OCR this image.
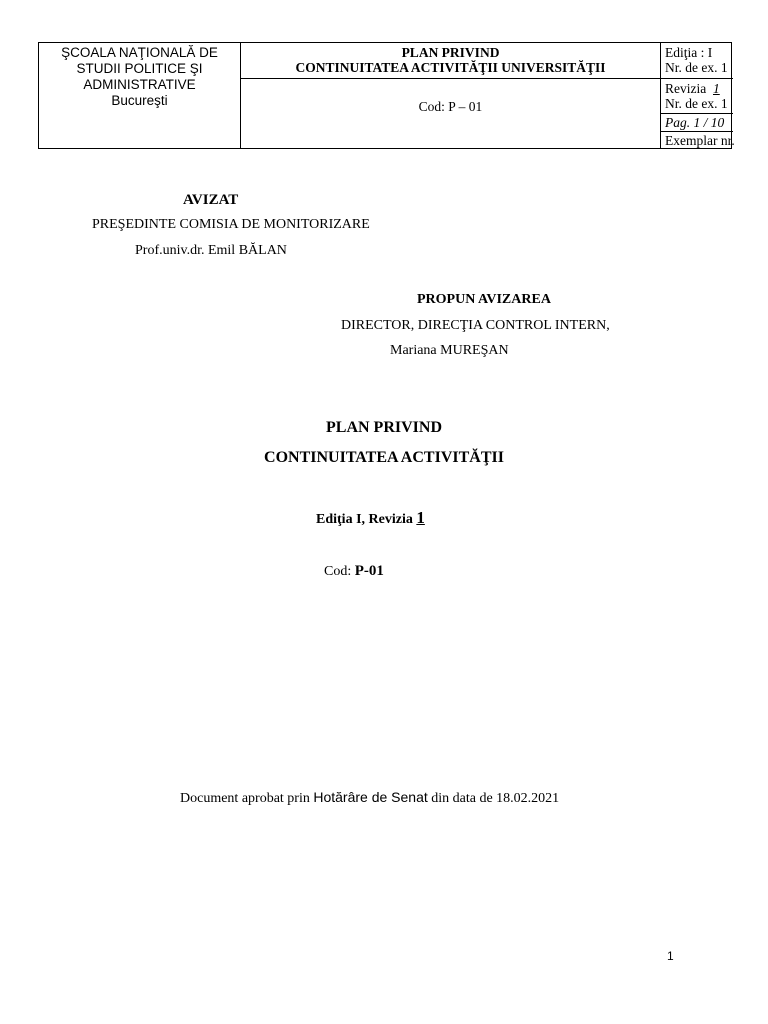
ŞCOALA NAŢIONALĂ DE
STUDII POLITICE ŞI
ADMINISTRATIVE
Bucureşti
PLAN PRIVIND
CONTINUITATEA ACTIVITĂŢII UNIVERSITĂŢII
Cod: P – 01
Ediţia : I
Nr. de ex. 1
Revizia 1
Nr. de ex. 1
Pag. 1 / 10
Exemplar nr.
AVIZAT
PREŞEDINTE COMISIA DE MONITORIZARE
Prof.univ.dr. Emil BĂLAN
PROPUN AVIZAREA
DIRECTOR, DIRECŢIA CONTROL INTERN,
Mariana MUREŞAN
PLAN PRIVIND
CONTINUITATEA ACTIVITĂŢII
Ediţia I, Revizia 1
Cod: P-01
Document aprobat prin Hotărâre de Senat din data de 18.02.2021
1
